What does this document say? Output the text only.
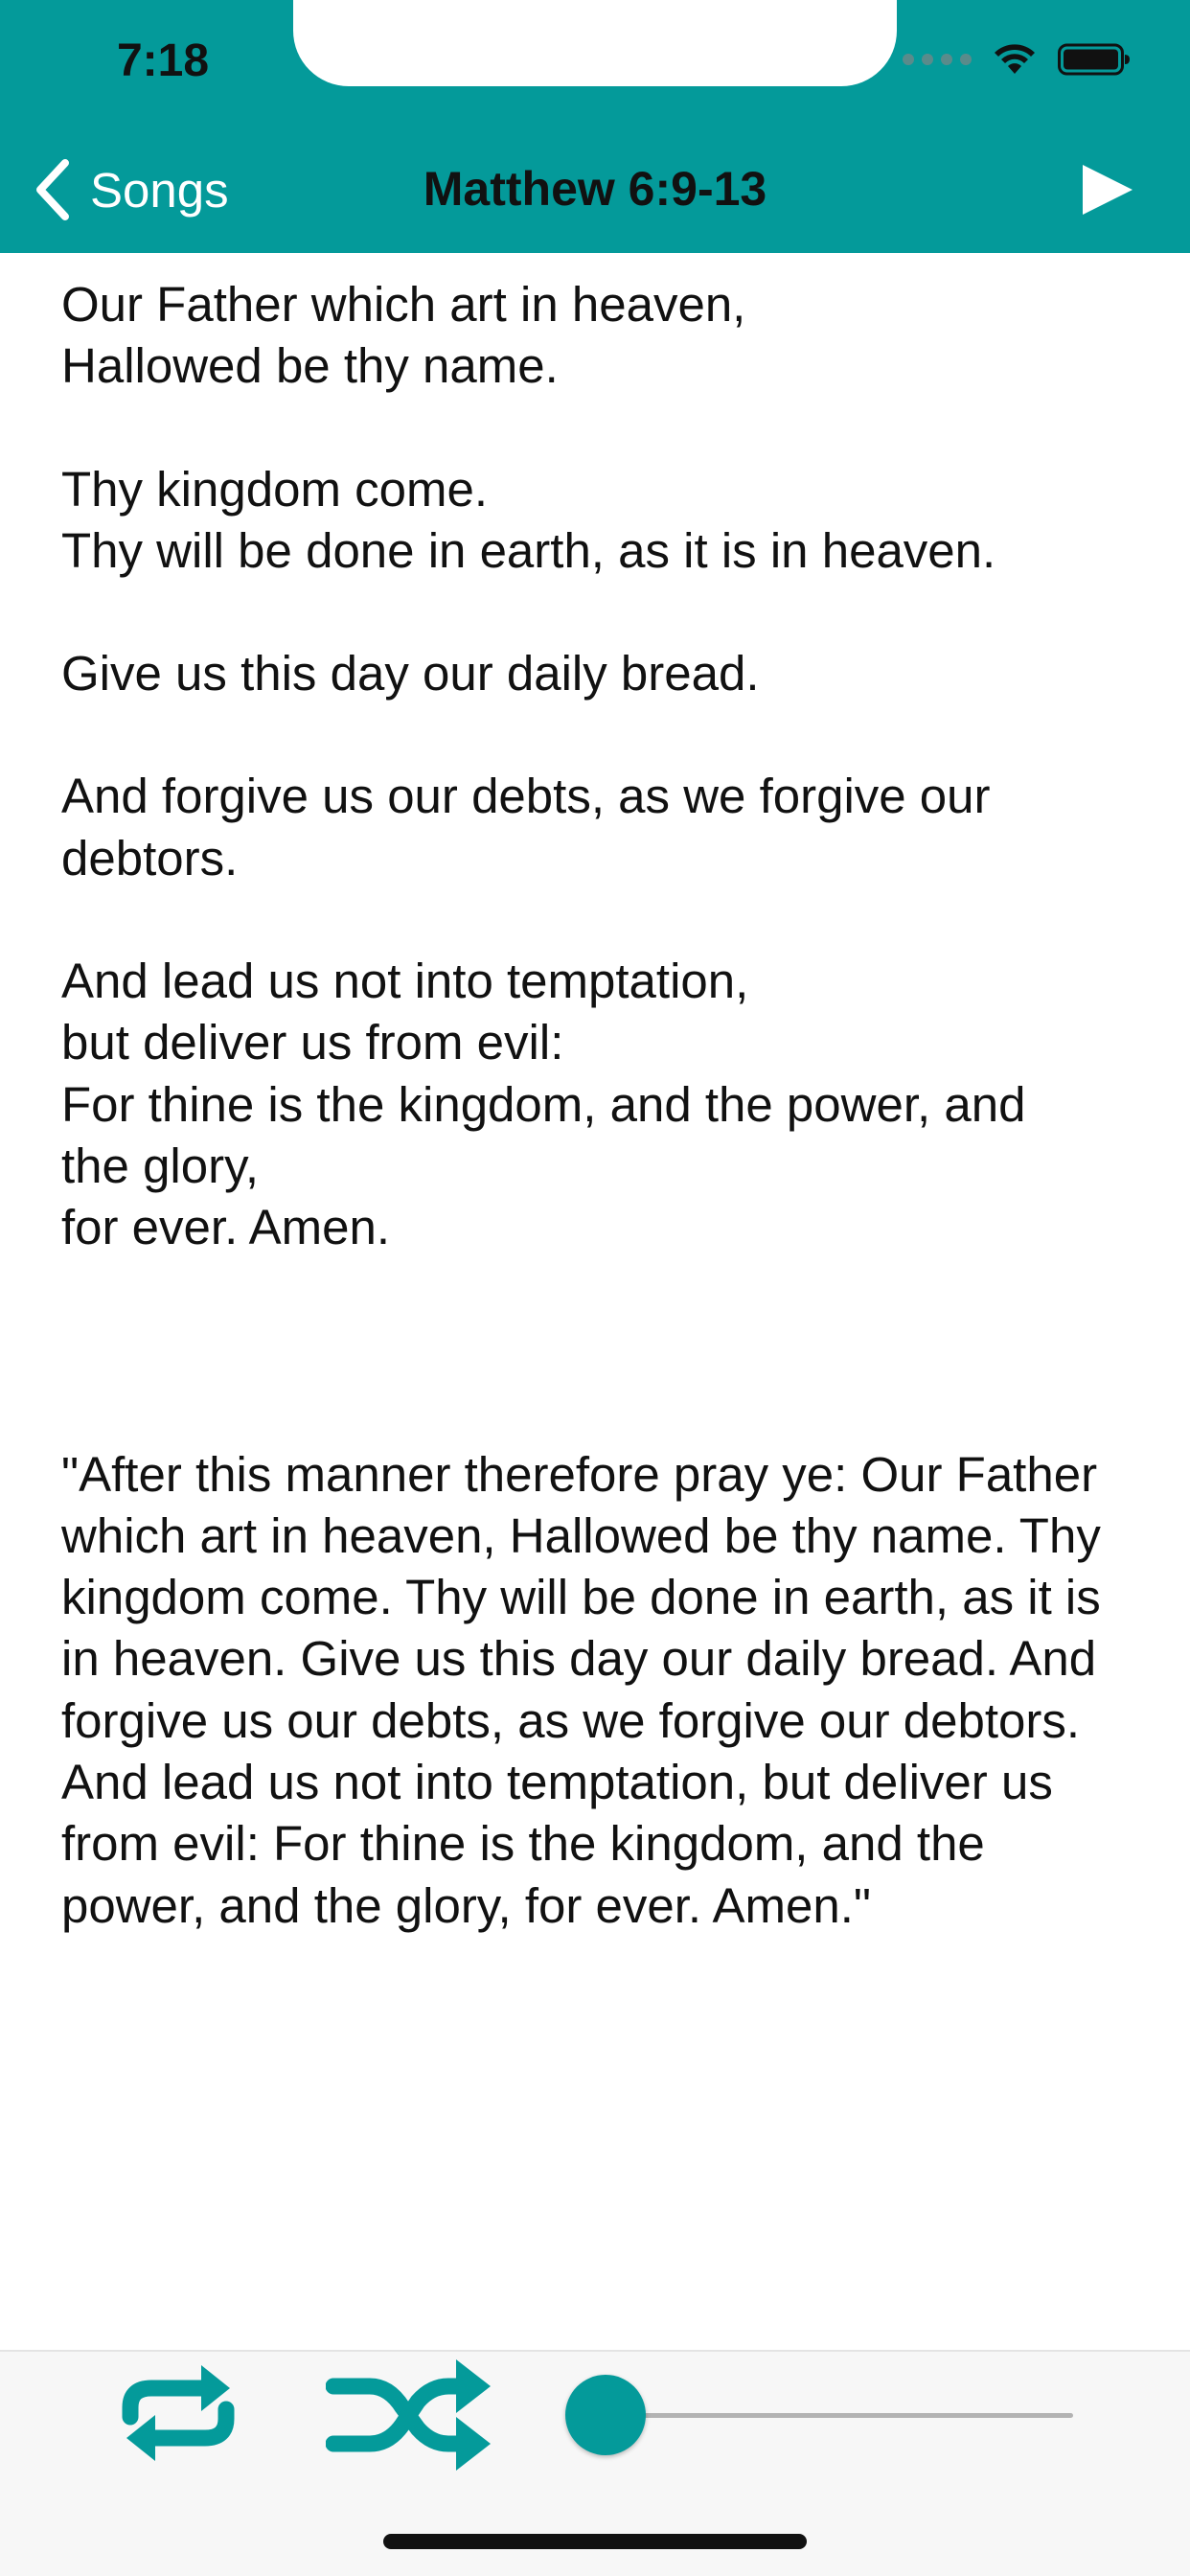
7:18
Songs	Matthew 6:9-13

Our Father which art in heaven,

Hallowed be thy name.

Thy kingdom come.

Thy will be done in earth, as it is in heaven.

Give us this day our daily bread.

And forgive us our debts, as we forgive our

debtors.

And lead us not into temptation,

but deliver us from evil:

For thine is the kingdom, and the power, and

the glory,

for ever. Amen.

"After this manner therefore pray ye: Our Father which art in heaven, Hallowed be thy name. Thy kingdom come. Thy will be done in earth, as it is in heaven. Give us this day our daily bread. And forgive us our debts, as we forgive our debtors. And lead us not into temptation, but deliver us from evil: For thine is the kingdom, and the power, and the glory, for ever. Amen."
